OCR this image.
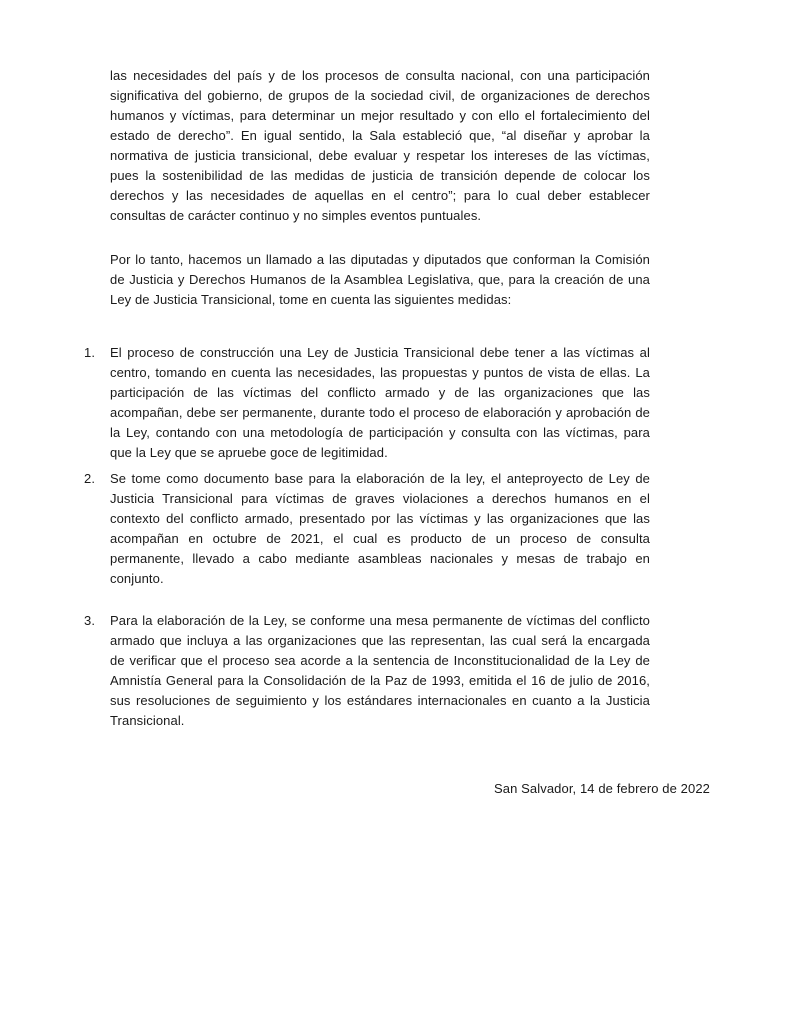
las necesidades del país y de los procesos de consulta nacional, con una participación significativa del gobierno, de grupos de la sociedad civil, de organizaciones de derechos humanos y víctimas, para determinar un mejor resultado y con ello el fortalecimiento del estado de derecho”. En igual sentido, la Sala estableció que, “al diseñar y aprobar la normativa de justicia transicional, debe evaluar y respetar los intereses de las víctimas, pues la sostenibilidad de las medidas de justicia de transición depende de colocar los derechos y las necesidades de aquellas en el centro”; para lo cual deber establecer consultas de carácter continuo y no simples eventos puntuales.

Por lo tanto, hacemos un llamado a las diputadas y diputados que conforman la Comisión de Justicia y Derechos Humanos de la Asamblea Legislativa, que, para la creación de una Ley de Justicia Transicional, tome en cuenta las siguientes medidas:

1. El proceso de construcción una Ley de Justicia Transicional debe tener a las víctimas al centro, tomando en cuenta las necesidades, las propuestas y puntos de vista de ellas. La participación de las víctimas del conflicto armado y de las organizaciones que las acompañan, debe ser permanente, durante todo el proceso de elaboración y aprobación de la Ley, contando con una metodología de participación y consulta con las víctimas, para que la Ley que se apruebe goce de legitimidad.
2. Se tome como documento base para la elaboración de la ley, el anteproyecto de Ley de Justicia Transicional para víctimas de graves violaciones a derechos humanos en el contexto del conflicto armado, presentado por las víctimas y las organizaciones que las acompañan en octubre de 2021, el cual es producto de un proceso de consulta permanente, llevado a cabo mediante asambleas nacionales y mesas de trabajo en conjunto.
3. Para la elaboración de la Ley, se conforme una mesa permanente de víctimas del conflicto armado que incluya a las organizaciones que las representan, las cual será la encargada de verificar que el proceso sea acorde a la sentencia de Inconstitucionalidad de la Ley de Amnistía General para la Consolidación de la Paz de 1993, emitida el 16 de julio de 2016, sus resoluciones de seguimiento y los estándares internacionales en cuanto a la Justicia Transicional.
San Salvador, 14 de febrero de 2022
